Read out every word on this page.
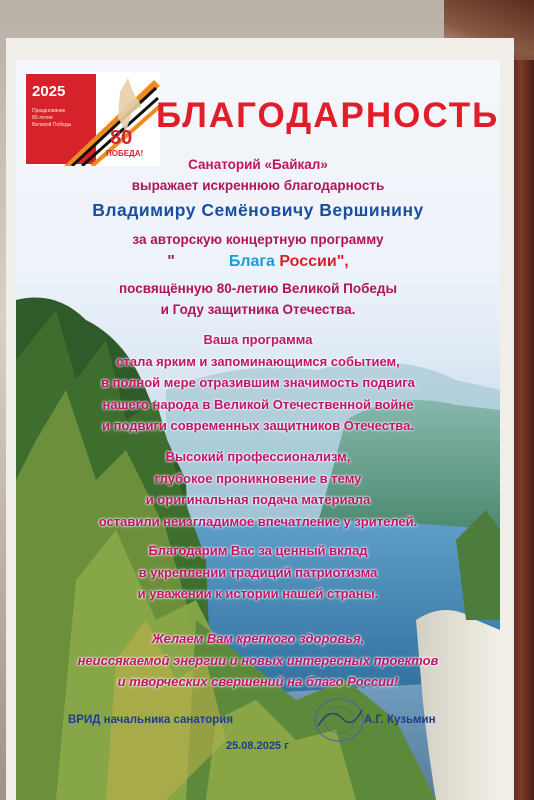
2025
Празднование
80-летия
Великой Победы
80
ПОБЕДА!
БЛАГОДАРНОСТЬ
Санаторий «Байкал»
выражает искреннюю благодарность
Владимиру Семёновичу Вершинину
за авторскую концертную программу
"	Блага России",
посвящённую 80-летию Великой Победы
и Году защитника Отечества.
Ваша программа
стала ярким и запоминающимся событием,
в полной мере отразившим значимость подвига
нашего народа в Великой Отечественной войне
и подвиги современных защитников Отечества.
Высокий профессионализм,
глубокое проникновение в тему
и оригинальная подача материала
оставили неизгладимое впечатление у зрителей.
Благодарим Вас за ценный вклад
в укреплении традиций патриотизма
и уважении к истории нашей страны.
Желаем Вам крепкого здоровья,
неиссякаемой энергии и новых интересных проектов
и творческих свершений на благо России!
ВРИД начальника санатория	А.Г. Кузьмин
25.08.2025 г
